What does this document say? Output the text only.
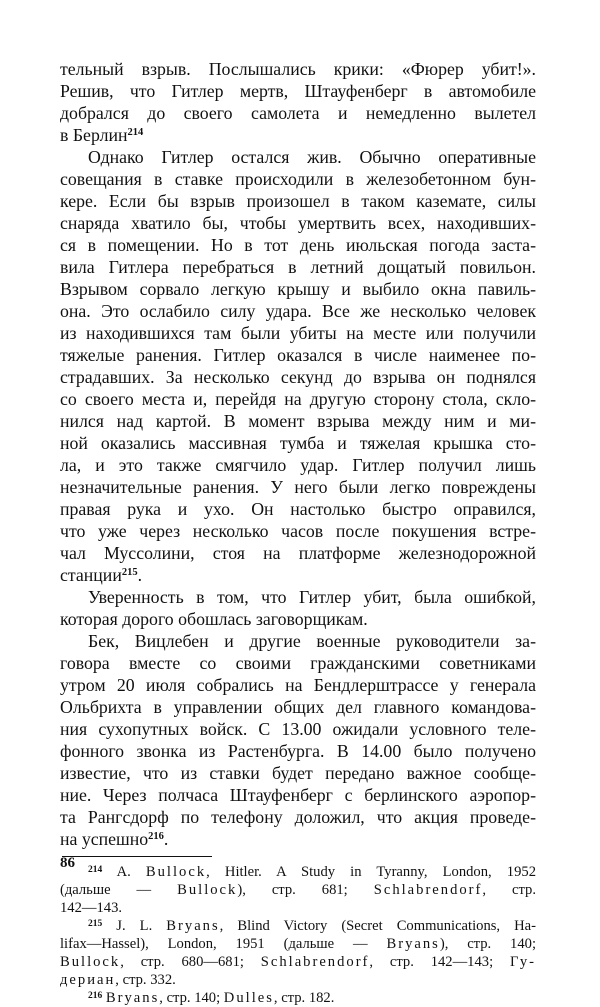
тельный взрыв. Послышались крики: «Фюрер убит!».
Решив, что Гитлер мертв, Штауфенберг в автомобиле
добрался до своего самолета и немедленно вылетел
в Берлин$^{214}$
Однако Гитлер остался жив. Обычно оперативные
совещания в ставке происходили в железобетонном бун-
кере. Если бы взрыв произошел в таком каземате, силы
снаряда хватило бы, чтобы умертвить всех, находивших-
ся в помещении. Но в тот день июльская погода заста-
вила Гитлера перебраться в летний дощатый повильон.
Взрывом сорвало легкую крышу и выбило окна павиль-
она. Это ослабило силу удара. Все же несколько человек
из находившихся там были убиты на месте или получили
тяжелые ранения. Гитлер оказался в числе наименее по-
страдавших. За несколько секунд до взрыва он поднялся
со своего места и, перейдя на другую сторону стола, скло-
нился над картой. В момент взрыва между ним и ми-
ной оказались массивная тумба и тяжелая крышка сто-
ла, и это также смягчило удар. Гитлер получил лишь
незначительные ранения. У него были легко повреждены
правая рука и ухо. Он настолько быстро оправился,
что уже через несколько часов после покушения встре-
чал Муссолини, стоя на платформе железнодорожной
станции$^{215}$.
Уверенность в том, что Гитлер убит, была ошибкой,
которая дорого обошлась заговорщикам.
Бек, Вицлебен и другие военные руководители за-
говора вместе со своими гражданскими советниками
утром 20 июля собрались на Бендлерштрассе у генерала
Ольбрихта в управлении общих дел главного командова-
ния сухопутных войск. С 13.00 ожидали условного теле-
фонного звонка из Растенбурга. В 14.00 было получено
известие, что из ставки будет передано важное сообще-
ние. Через полчаса Штауфенберг с берлинского аэропор-
та Рангсдорф по телефону доложил, что акция проведе-
на успешно$^{216}$.
$^{214}$ A. Bullock, Hitler. A Study in Tyranny, London, 1952
(дальше — Bullock), стр. 681; Schlabrendorf, стр.
142—143.
$^{215}$ J. L. Bryans, Blind Victory (Secret Communications, Ha-
lifax—Hassel), London, 1951 (дальше — Bryans), стр. 140;
Bullock, стр. 680—681; Schlabrendorf, стр. 142—143; Гу-
дериан, стр. 332.
$^{216}$ Bryans, стр. 140; Dulles, стр. 182.
86
